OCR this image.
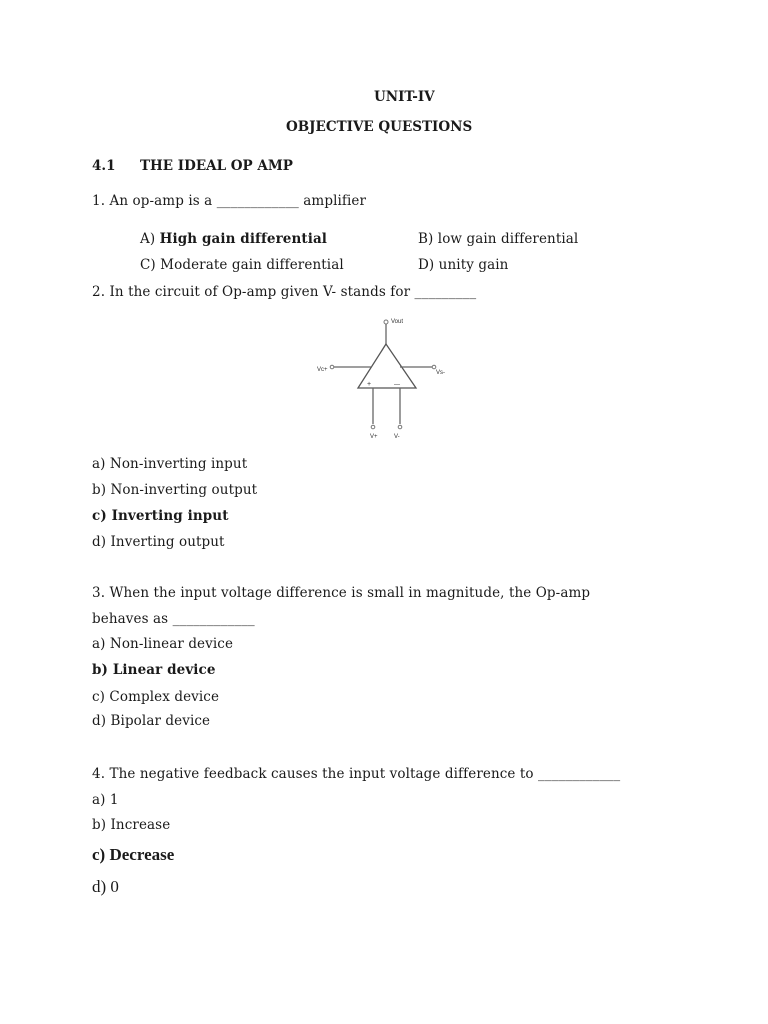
UNIT-IV
OBJECTIVE QUESTIONS
4.1 THE IDEAL OP AMP
1. An op-amp is a ____________ amplifier
A) High gain differential	B) low gain differential
C) Moderate gain differential	D) unity gain
2. In the circuit of Op-amp given V- stands for _________
Vout
Vc+	Vs-
+	—
V+	V-
a) Non-inverting input
b) Non-inverting output
c) Inverting input
d) Inverting output
3. When the input voltage difference is small in magnitude, the Op-amp
behaves as ____________
a) Non-linear device
b) Linear device
c) Complex device
d) Bipolar device
4. The negative feedback causes the input voltage difference to ____________
a) 1
b) Increase
c) Decrease
d) 0
